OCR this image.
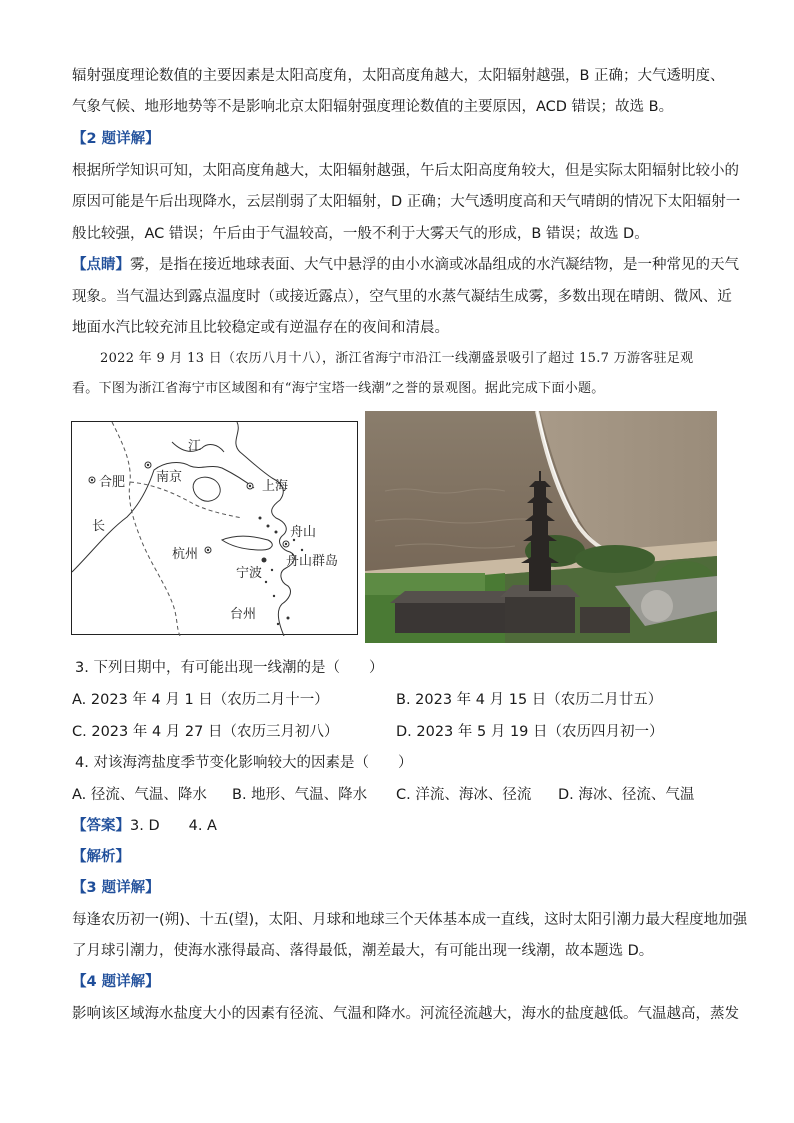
辐射强度理论数值的主要因素是太阳高度角，太阳高度角越大，太阳辐射越强，B 正确；大气透明度、
气象气候、地形地势等不是影响北京太阳辐射强度理论数值的主要原因，ACD 错误；故选 B。
【2 题详解】
根据所学知识可知，太阳高度角越大，太阳辐射越强，午后太阳高度角较大，但是实际太阳辐射比较小的
原因可能是午后出现降水，云层削弱了太阳辐射，D 正确；大气透明度高和天气晴朗的情况下太阳辐射一
般比较强，AC 错误；午后由于气温较高，一般不利于大雾天气的形成，B 错误；故选 D。
【点睛】雾，是指在接近地球表面、大气中悬浮的由小水滴或冰晶组成的水汽凝结物，是一种常见的天气
现象。当气温达到露点温度时（或接近露点），空气里的水蒸气凝结生成雾，多数出现在晴朗、微风、近
地面水汽比较充沛且比较稳定或有逆温存在的夜间和清晨。
2022 年 9 月 13 日（农历八月十八），浙江省海宁市沿江一线潮盛景吸引了超过 15.7 万游客驻足观
看。下图为浙江省海宁市区域图和有“海宁宝塔一线潮”之誉的景观图。据此完成下面小题。
合肥 南京
江
上海
舟山
杭州	舟山群岛
宁波
台州
长
3. 下列日期中，有可能出现一线潮的是（　　）
A. 2023 年 4 月 1 日（农历二月十一）	B. 2023 年 4 月 15 日（农历二月廿五）
C. 2023 年 4 月 27 日（农历三月初八）	D. 2023 年 5 月 19 日（农历四月初一）
4. 对该海湾盐度季节变化影响较大的因素是（　　）
A. 径流、气温、降水 B. 地形、气温、降水 C. 洋流、海冰、径流 D. 海冰、径流、气温
【答案】3. D　　4. A
【解析】
【3 题详解】
每逢农历初一(朔)、十五(望)，太阳、月球和地球三个天体基本成一直线，这时太阳引潮力最大程度地加强
了月球引潮力，使海水涨得最高、落得最低，潮差最大，有可能出现一线潮，故本题选 D。
【4 题详解】
影响该区域海水盐度大小的因素有径流、气温和降水。河流径流越大，海水的盐度越低。气温越高，蒸发
